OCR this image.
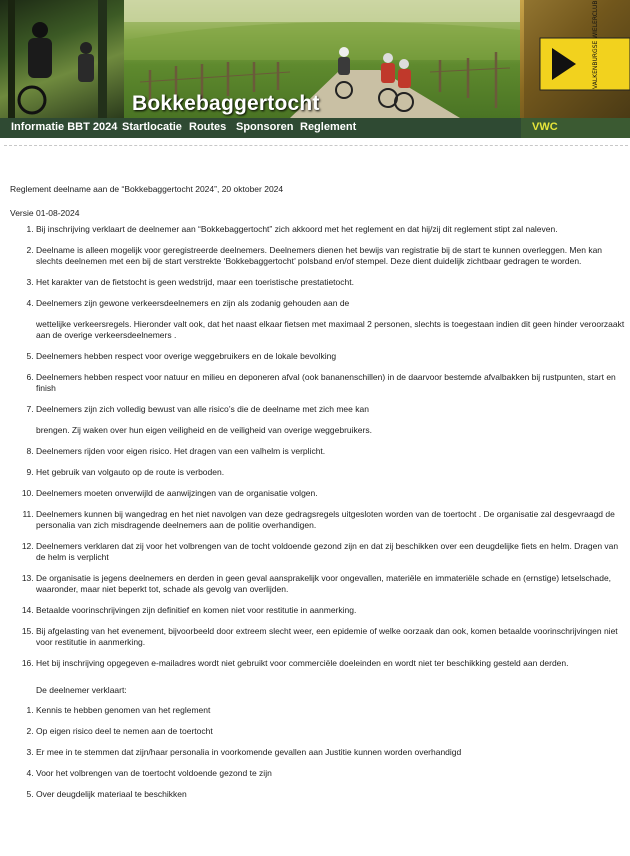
VALKENBURGSE WIELERCLUB
Bokkebaggertocht
Informatie BBT 2024 Startlocatie Routes Sponsoren Reglement	VWC

Reglement deelname aan de “Bokkebaggertocht 2024”, 20 oktober 2024

Versie 01-08-2024

1. Bij inschrijving verklaart de deelnemer aan “Bokkebaggertocht” zich akkoord met het reglement en dat hij/zij dit reglement stipt zal naleven.
2. Deelname is alleen mogelijk voor geregistreerde deelnemers. Deelnemers dienen het bewijs van registratie bij de start te kunnen overleggen. Men kan slechts deelnemen met een bij de start verstrekte ‘Bokkebaggertocht’ polsband en/of stempel. Deze dient duidelijk zichtbaar gedragen te worden.
3. Het karakter van de fietstocht is geen wedstrijd, maar een toeristische prestatietocht.
4. Deelnemers zijn gewone verkeersdeelnemers en zijn als zodanig gehouden aan de
wettelijke verkeersregels. Hieronder valt ook, dat het naast elkaar fietsen met maximaal 2 personen, slechts is toegestaan indien dit geen hinder veroorzaakt aan de overige verkeersdeelnemers .
5. Deelnemers hebben respect voor overige weggebruikers en de lokale bevolking
6. Deelnemers hebben respect voor natuur en milieu en deponeren afval (ook bananenschillen) in de daarvoor bestemde afvalbakken bij rustpunten, start en finish
7. Deelnemers zijn zich volledig bewust van alle risico’s die de deelname met zich mee kan
brengen. Zij waken over hun eigen veiligheid en de veiligheid van overige weggebruikers.
8. Deelnemers rijden voor eigen risico. Het dragen van een valhelm is verplicht.
9. Het gebruik van volgauto op de route is verboden.
10. Deelnemers moeten onverwijld de aanwijzingen van de organisatie volgen.
11. Deelnemers kunnen bij wangedrag en het niet navolgen van deze gedragsregels uitgesloten worden van de toertocht . De organisatie zal desgevraagd de personalia van zich misdragende deelnemers aan de politie overhandigen.
12. Deelnemers verklaren dat zij voor het volbrengen van de tocht voldoende gezond zijn en dat zij beschikken over een deugdelijke fiets en helm. Dragen van de helm is verplicht
13. De organisatie is jegens deelnemers en derden in geen geval aansprakelijk voor ongevallen, materiële en immateriële schade en (ernstige) letselschade, waaronder, maar niet beperkt tot, schade als gevolg van overlijden.
14. Betaalde voorinschrijvingen zijn definitief en komen niet voor restitutie in aanmerking.
15. Bij afgelasting van het evenement, bijvoorbeeld door extreem slecht weer, een epidemie of welke oorzaak dan ook, komen betaalde voorinschrijvingen niet voor restitutie in aanmerking.
16. Het bij inschrijving opgegeven e-mailadres wordt niet gebruikt voor commerciële doeleinden en wordt niet ter beschikking gesteld aan derden.

De deelnemer verklaart:

1. Kennis te hebben genomen van het reglement
2. Op eigen risico deel te nemen aan de toertocht
3. Er mee in te stemmen dat zijn/haar personalia in voorkomende gevallen aan Justitie kunnen worden overhandigd
4. Voor het volbrengen van de toertocht voldoende gezond te zijn
5. Over deugdelijk materiaal te beschikken
